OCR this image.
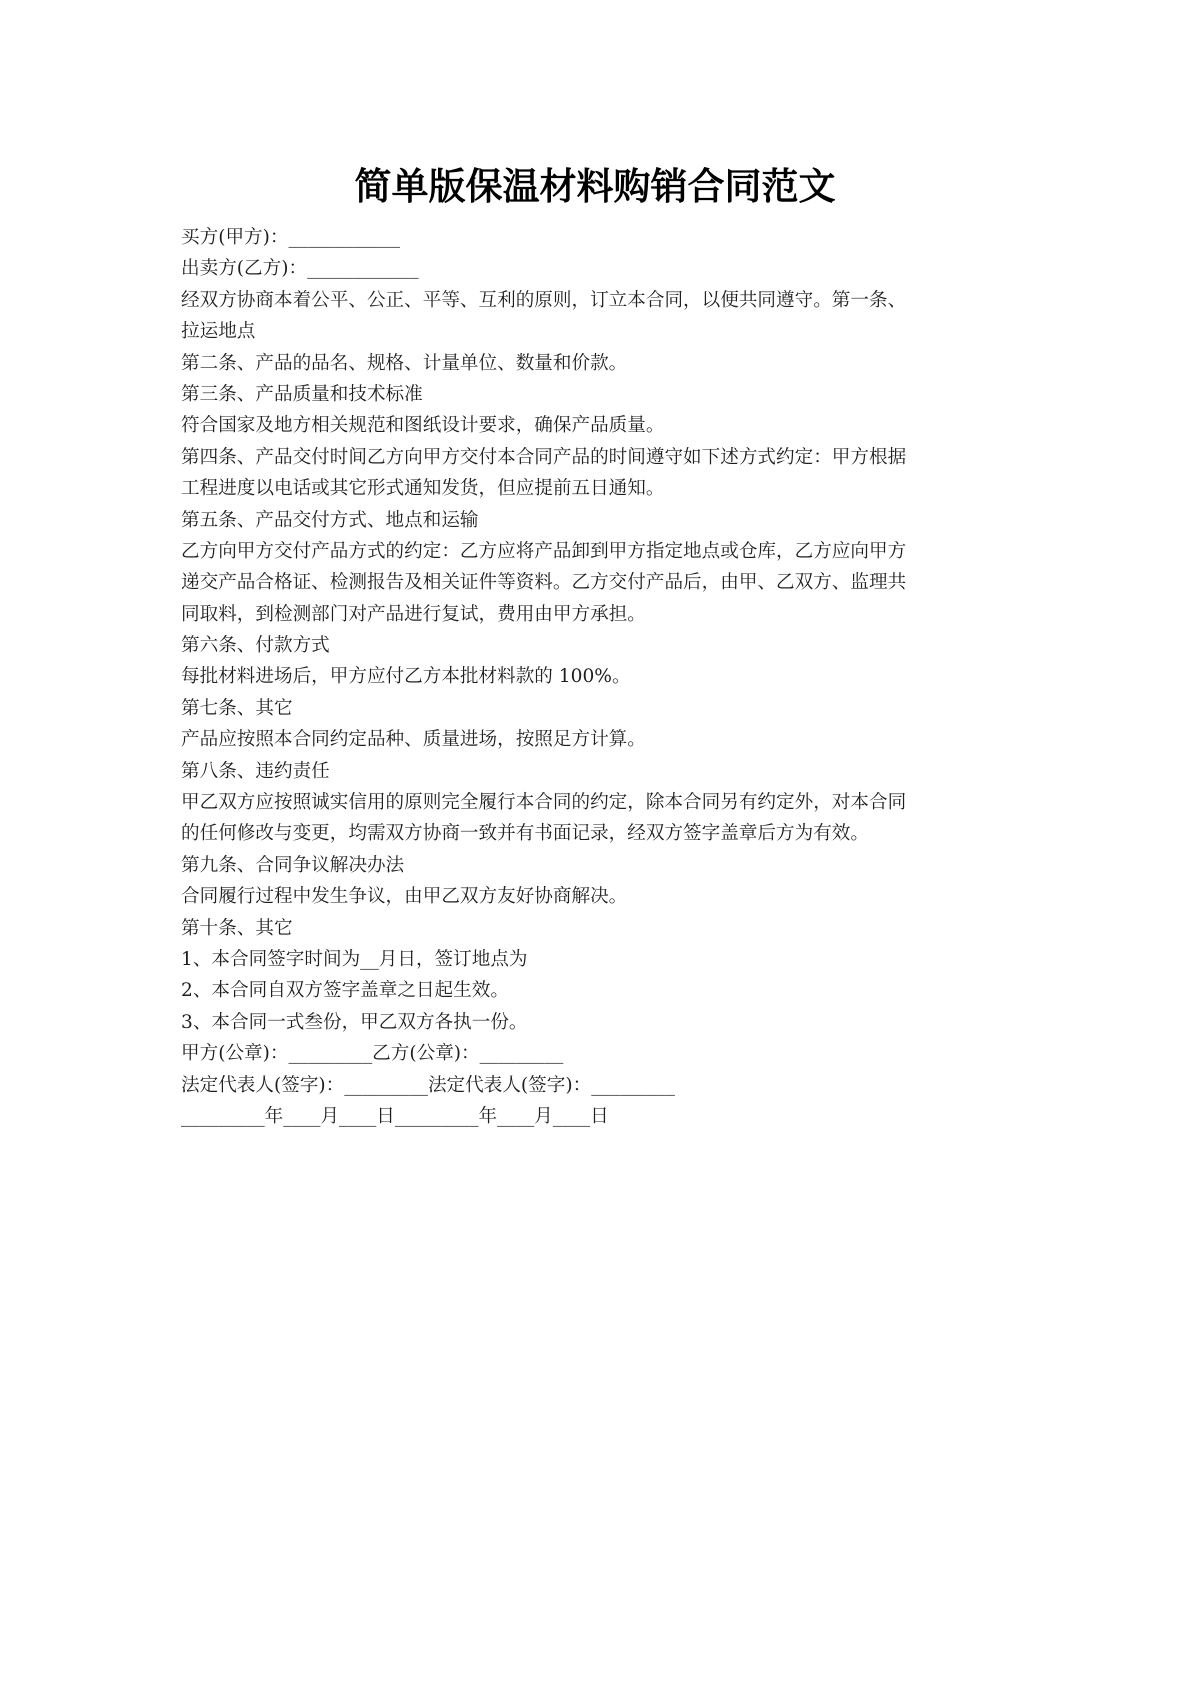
简单版保温材料购销合同范文
买方(甲方)：____________
出卖方(乙方)：____________
经双方协商本着公平、公正、平等、互利的原则，订立本合同，以便共同遵守。第一条、
拉运地点
第二条、产品的品名、规格、计量单位、数量和价款。
第三条、产品质量和技术标准
符合国家及地方相关规范和图纸设计要求，确保产品质量。
第四条、产品交付时间乙方向甲方交付本合同产品的时间遵守如下述方式约定：甲方根据
工程进度以电话或其它形式通知发货，但应提前五日通知。
第五条、产品交付方式、地点和运输
乙方向甲方交付产品方式的约定：乙方应将产品卸到甲方指定地点或仓库，乙方应向甲方
递交产品合格证、检测报告及相关证件等资料。乙方交付产品后，由甲、乙双方、监理共
同取料，到检测部门对产品进行复试，费用由甲方承担。
第六条、付款方式
每批材料进场后，甲方应付乙方本批材料款的 100%。
第七条、其它
产品应按照本合同约定品种、质量进场，按照足方计算。
第八条、违约责任
甲乙双方应按照诚实信用的原则完全履行本合同的约定，除本合同另有约定外，对本合同
的任何修改与变更，均需双方协商一致并有书面记录，经双方签字盖章后方为有效。
第九条、合同争议解决办法
合同履行过程中发生争议，由甲乙双方友好协商解决。
第十条、其它
1、本合同签字时间为__月日，签订地点为
2、本合同自双方签字盖章之日起生效。
3、本合同一式叁份，甲乙双方各执一份。
甲方(公章)：_________乙方(公章)：_________
法定代表人(签字)：_________法定代表人(签字)：_________
_________年____月____日_________年____月____日
